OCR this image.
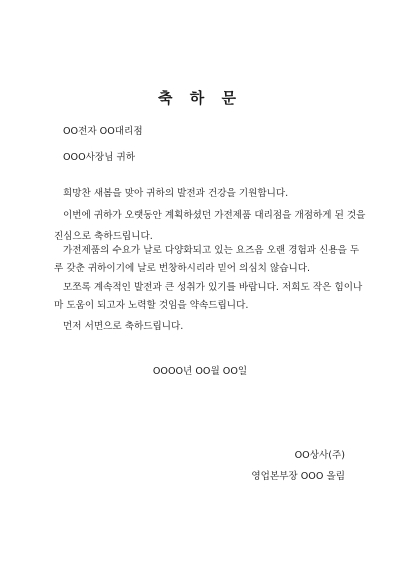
축 하 문
OO전자 OO대리점
OOO사장님 귀하
희망찬 새봄을 맞아 귀하의 발전과 건강을 기원합니다.
이번에 귀하가 오랫동안 계획하셨던 가전제품 대리점을 개점하게 된 것을
진심으로 축하드립니다.
가전제품의 수요가 날로 다양화되고 있는 요즈음 오랜 경험과 신용을 두
루 갖춘 귀하이기에 날로 번창하시리라 믿어 의심치 않습니다.
모쪼록 계속적인 발전과 큰 성취가 있기를 바랍니다. 저희도 작은 힘이나
마 도움이 되고자 노력할 것임을 약속드립니다.
먼저 서면으로 축하드립니다.
OOOO년 OO월 OO일
OO상사(주)
영업본부장 OOO 올림
